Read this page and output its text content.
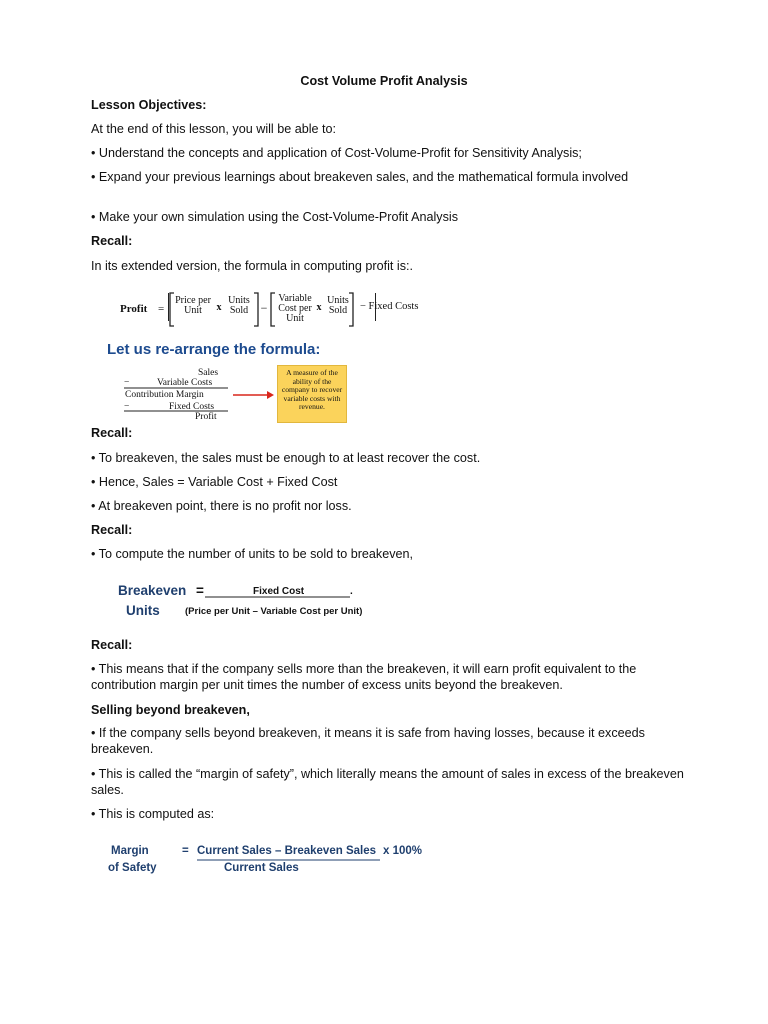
Cost Volume Profit Analysis
Lesson Objectives:
At the end of this lesson, you will be able to:
• Understand the concepts and application of Cost-Volume-Profit for Sensitivity Analysis;
• Expand your previous learnings about breakeven sales, and the mathematical formula involved
• Make your own simulation using the Cost-Volume-Profit Analysis
Recall:
In its extended version, the formula in computing profit is:.
Profit =
Price per
Unit	x
Units
Sold	−
Variable
Cost per
Unit
x
Units
Sold	− Fixed Costs
Let us re-arrange the formula:
Sales
−	Variable Costs
Contribution Margin
−	Fixed Costs
Profit
A measure of the ability of the company to recover variable costs with revenue.
Recall:
• To breakeven, the sales must be enough to at least recover the cost.
• Hence, Sales = Variable Cost + Fixed Cost
• At breakeven point, there is no profit nor loss.
Recall:
• To compute the number of units to be sold to breakeven,
Breakeven =	Fixed Cost	.
Units	(Price per Unit – Variable Cost per Unit)
Recall:
• This means that if the company sells more than the breakeven, it will earn profit equivalent to the contribution margin per unit times the number of excess units beyond the breakeven.
Selling beyond breakeven,
• If the company sells beyond breakeven, it means it is safe from having losses, because it exceeds breakeven.
• This is called the “margin of safety”, which literally means the amount of sales in excess of the breakeven sales.
• This is computed as:
Margin
of Safety
= Current Sales – Breakeven Sales x 100%
Current Sales
